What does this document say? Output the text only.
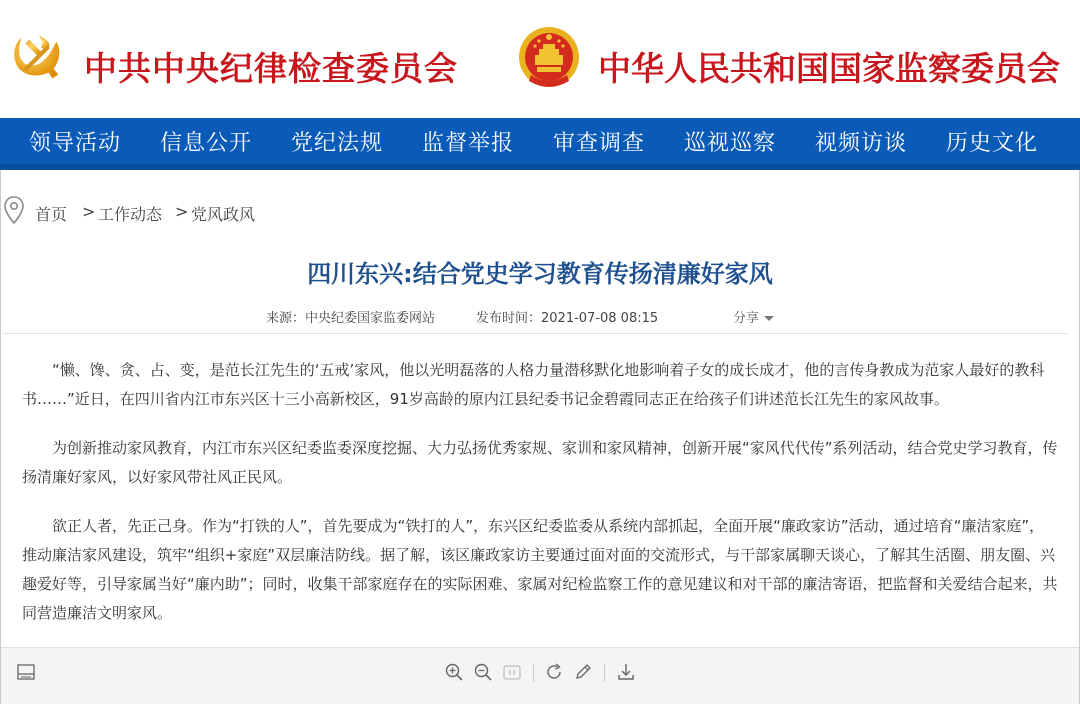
中共中央纪律检查委员会	中华人民共和国国家监察委员会
领导活动 信息公开 党纪法规 监督举报 审查调查 巡视巡察 视频访谈 历史文化
首页 > 工作动态 > 党风政风
四川东兴:结合党史学习教育传扬清廉好家风
来源：中央纪委国家监委网站	发布时间：2021-07-08 08:15	分享

“懒、馋、贪、占、变，是范长江先生的‘五戒’家风，他以光明磊落的人格力量潜移默化地影响着子女的成长成才，他的言传身教成为范家人最好的教科书……”近日，在四川省内江市东兴区十三小高新校区，91岁高龄的原内江县纪委书记金碧霞同志正在给孩子们讲述范长江先生的家风故事。

为创新推动家风教育，内江市东兴区纪委监委深度挖掘、大力弘扬优秀家规、家训和家风精神，创新开展“家风代代传”系列活动，结合党史学习教育，传扬清廉好家风，以好家风带社风正民风。

欲正人者，先正己身。作为“打铁的人”，首先要成为“铁打的人”，东兴区纪委监委从系统内部抓起，全面开展“廉政家访”活动，通过培育“廉洁家庭”，推动廉洁家风建设，筑牢“组织+家庭”双层廉洁防线。据了解，该区廉政家访主要通过面对面的交流形式，与干部家属聊天谈心，了解其生活圈、朋友圈、兴趣爱好等，引导家属当好“廉内助”；同时，收集干部家庭存在的实际困难、家属对纪检监察工作的意见建议和对干部的廉洁寄语，把监督和关爱结合起来，共同营造廉洁文明家风。
